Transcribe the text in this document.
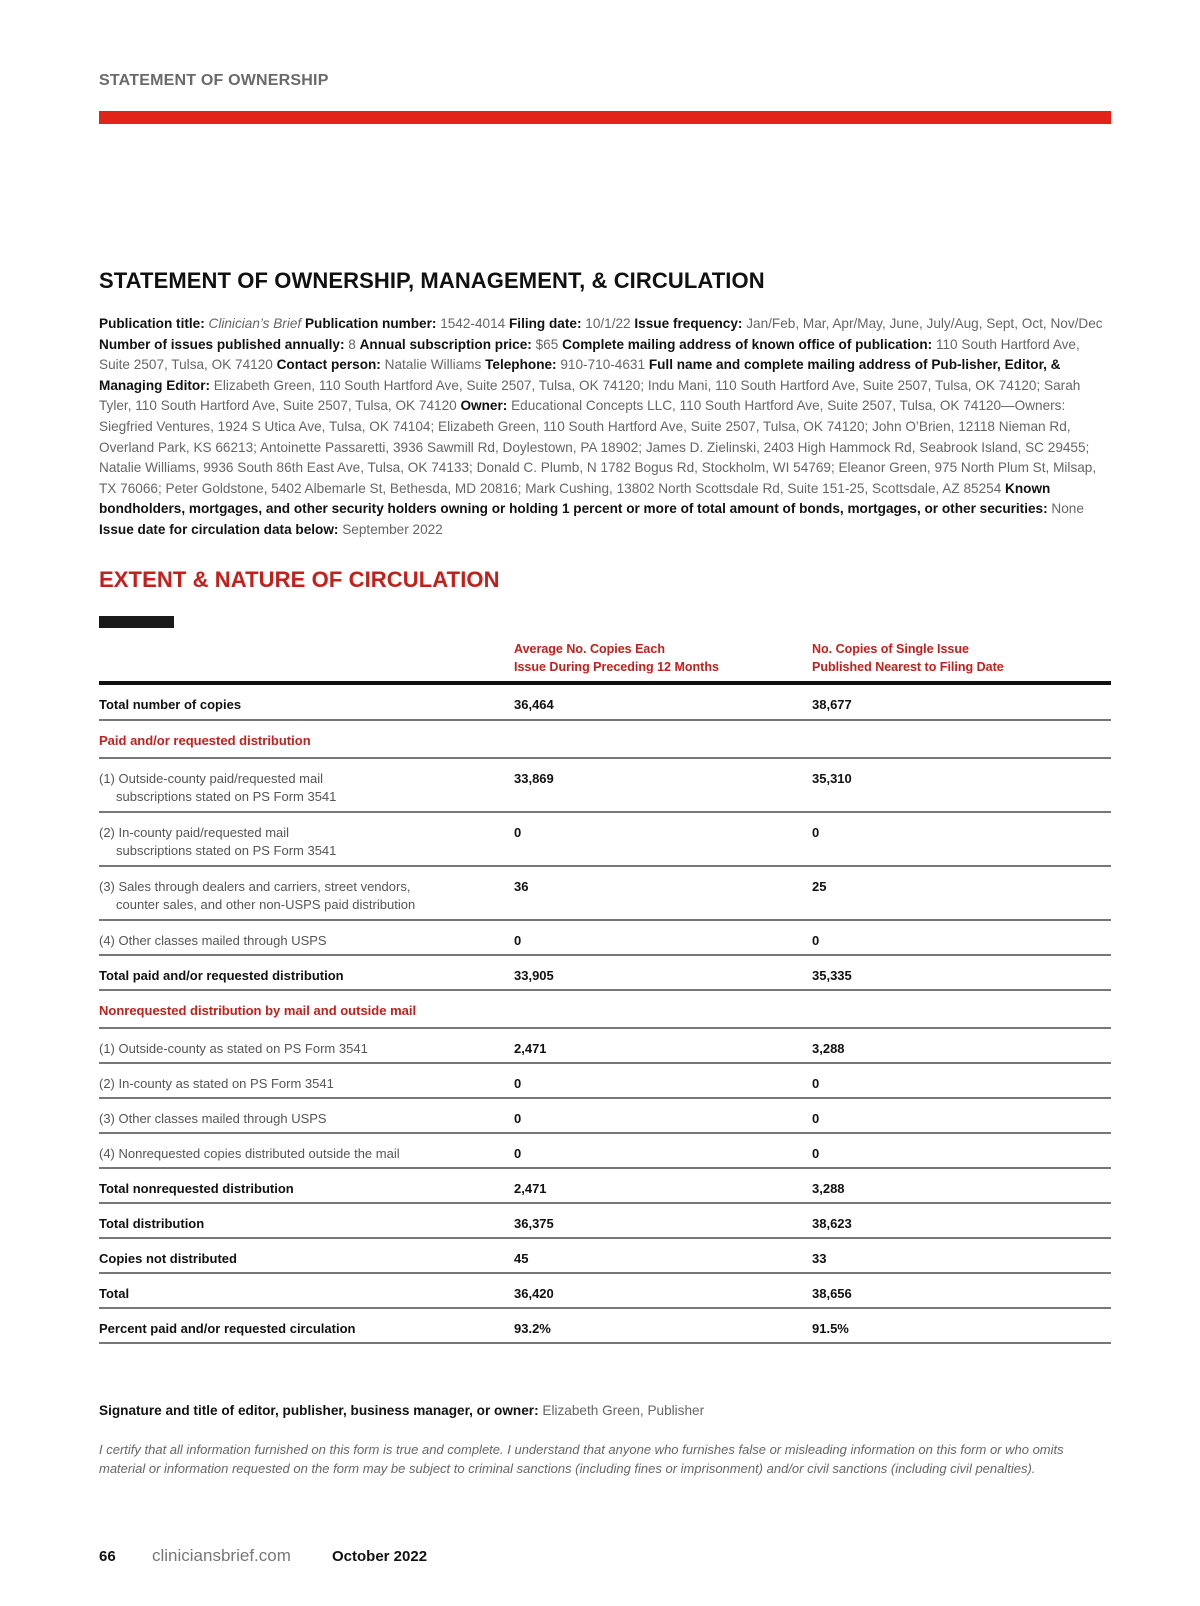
STATEMENT OF OWNERSHIP
STATEMENT OF OWNERSHIP, MANAGEMENT, & CIRCULATION
Publication title: Clinician’s Brief Publication number: 1542-4014 Filing date: 10/1/22 Issue frequency: Jan/Feb, Mar, Apr/May, June, July/Aug, Sept, Oct, Nov/Dec Number of issues published annually: 8 Annual subscription price: $65 Complete mailing address of known office of publication: 110 South Hartford Ave, Suite 2507, Tulsa, OK 74120 Contact person: Natalie Williams Telephone: 910-710-4631 Full name and complete mailing address of Pub-lisher, Editor, & Managing Editor: Elizabeth Green, 110 South Hartford Ave, Suite 2507, Tulsa, OK 74120; Indu Mani, 110 South Hartford Ave, Suite 2507, Tulsa, OK 74120; Sarah Tyler, 110 South Hartford Ave, Suite 2507, Tulsa, OK 74120 Owner: Educational Concepts LLC, 110 South Hartford Ave, Suite 2507, Tulsa, OK 74120—Owners: Siegfried Ventures, 1924 S Utica Ave, Tulsa, OK 74104; Elizabeth Green, 110 South Hartford Ave, Suite 2507, Tulsa, OK 74120; John O’Brien, 12118 Nieman Rd, Overland Park, KS 66213; Antoinette Passaretti, 3936 Sawmill Rd, Doylestown, PA 18902; James D. Zielinski, 2403 High Hammock Rd, Seabrook Island, SC 29455; Natalie Williams, 9936 South 86th East Ave, Tulsa, OK 74133; Donald C. Plumb, N 1782 Bogus Rd, Stockholm, WI 54769; Eleanor Green, 975 North Plum St, Milsap, TX 76066; Peter Goldstone, 5402 Albemarle St, Bethesda, MD 20816; Mark Cushing, 13802 North Scottsdale Rd, Suite 151-25, Scottsdale, AZ 85254 Known bondholders, mortgages, and other security holders owning or holding 1 percent or more of total amount of bonds, mortgages, or other securities: None Issue date for circulation data below: September 2022
EXTENT & NATURE OF CIRCULATION
Average No. Copies Each
Issue During Preceding 12 Months
No. Copies of Single Issue
Published Nearest to Filing Date
Total number of copies	36,464	38,677
Paid and/or requested distribution		
(1) Outside-county paid/requested mail
subscriptions stated on PS Form 3541	33,869	35,310
(2) In-county paid/requested mail
subscriptions stated on PS Form 3541	0	0
(3) Sales through dealers and carriers, street vendors,
counter sales, and other non-USPS paid distribution	36	25
(4) Other classes mailed through USPS	0	0
Total paid and/or requested distribution	33,905	35,335
Nonrequested distribution by mail and outside mail		
(1) Outside-county as stated on PS Form 3541	2,471	3,288
(2) In-county as stated on PS Form 3541	0	0
(3) Other classes mailed through USPS	0	0
(4) Nonrequested copies distributed outside the mail	0	0
Total nonrequested distribution	2,471	3,288
Total distribution	36,375	38,623
Copies not distributed	45	33
Total	36,420	38,656
Percent paid and/or requested circulation	93.2%	91.5%
Signature and title of editor, publisher, business manager, or owner: Elizabeth Green, Publisher
I certify that all information furnished on this form is true and complete. I understand that anyone who furnishes false or misleading information on this form or who omits material or information requested on the form may be subject to criminal sanctions (including fines or imprisonment) and/or civil sanctions (including civil penalties).
66 cliniciansbrief.com	October 2022
